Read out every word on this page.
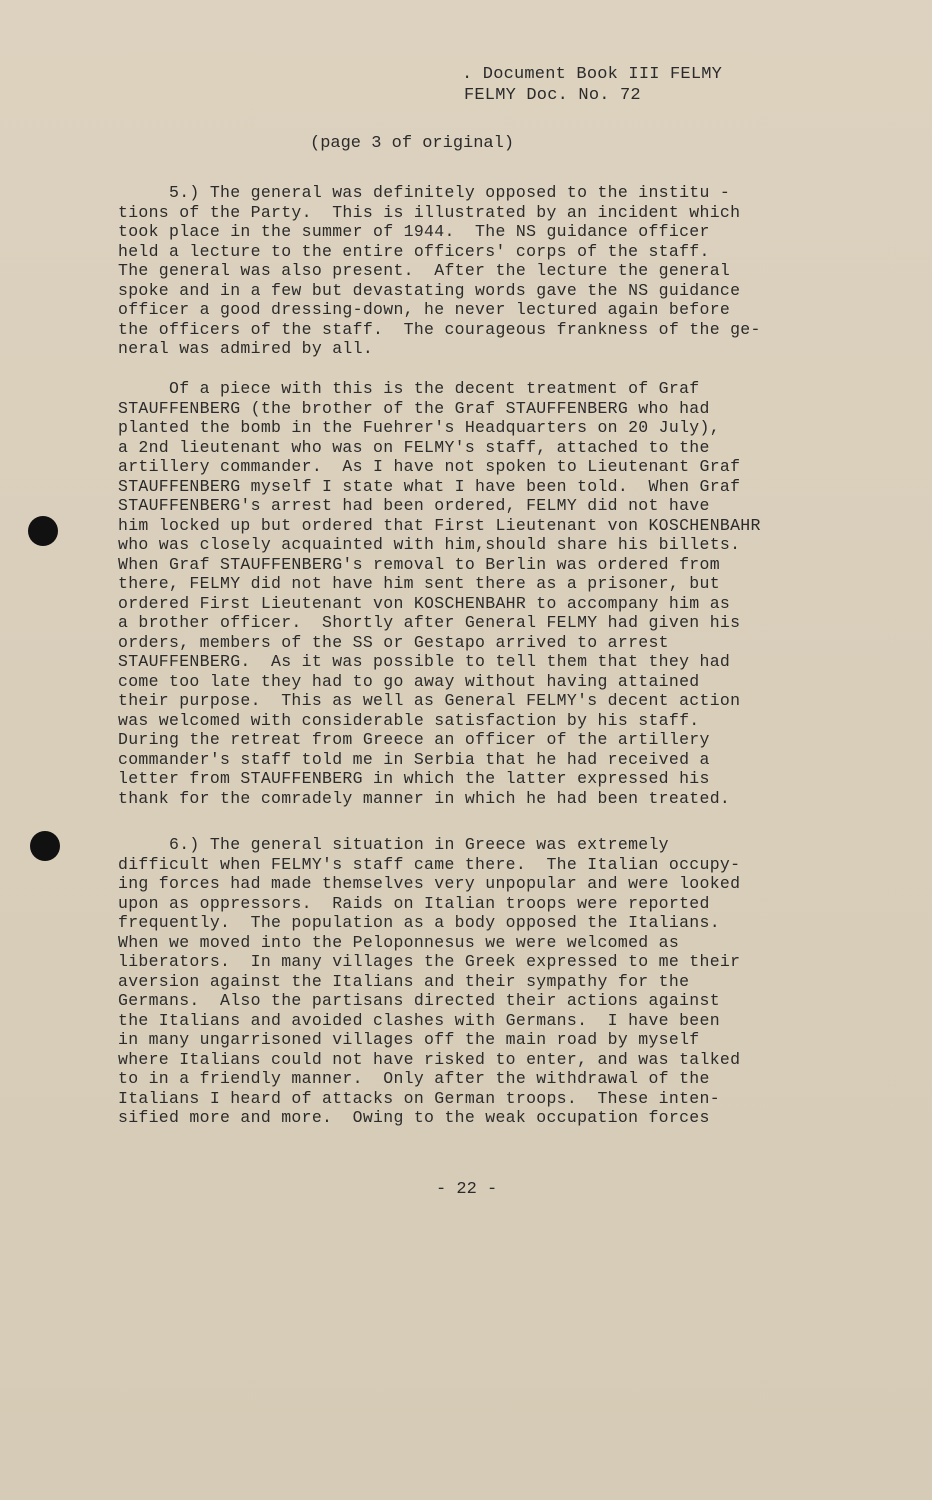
. Document Book III FELMY
FELMY Doc. No. 72
(page 3 of original)
5.) The general was definitely opposed to the institu -
tions of the Party.  This is illustrated by an incident which
took place in the summer of 1944.  The NS guidance officer
held a lecture to the entire officers' corps of the staff.
The general was also present.  After the lecture the general
spoke and in a few but devastating words gave the NS guidance
officer a good dressing-down, he never lectured again before
the officers of the staff.  The courageous frankness of the ge-
neral was admired by all.
Of a piece with this is the decent treatment of Graf
STAUFFENBERG (the brother of the Graf STAUFFENBERG who had
planted the bomb in the Fuehrer's Headquarters on 20 July),
a 2nd lieutenant who was on FELMY's staff, attached to the
artillery commander.  As I have not spoken to Lieutenant Graf
STAUFFENBERG myself I state what I have been told.  When Graf
STAUFFENBERG's arrest had been ordered, FELMY did not have
him locked up but ordered that First Lieutenant von KOSCHENBAHR
who was closely acquainted with him,should share his billets.
When Graf STAUFFENBERG's removal to Berlin was ordered from
there, FELMY did not have him sent there as a prisoner, but
ordered First Lieutenant von KOSCHENBAHR to accompany him as
a brother officer.  Shortly after General FELMY had given his
orders, members of the SS or Gestapo arrived to arrest
STAUFFENBERG.  As it was possible to tell them that they had
come too late they had to go away without having attained
their purpose.  This as well as General FELMY's decent action
was welcomed with considerable satisfaction by his staff.
During the retreat from Greece an officer of the artillery
commander's staff told me in Serbia that he had received a
letter from STAUFFENBERG in which the latter expressed his
thank for the comradely manner in which he had been treated.
6.) The general situation in Greece was extremely
difficult when FELMY's staff came there.  The Italian occupy-
ing forces had made themselves very unpopular and were looked
upon as oppressors.  Raids on Italian troops were reported
frequently.  The population as a body opposed the Italians.
When we moved into the Peloponnesus we were welcomed as
liberators.  In many villages the Greek expressed to me their
aversion against the Italians and their sympathy for the
Germans.  Also the partisans directed their actions against
the Italians and avoided clashes with Germans.  I have been
in many ungarrisoned villages off the main road by myself
where Italians could not have risked to enter, and was talked
to in a friendly manner.  Only after the withdrawal of the
Italians I heard of attacks on German troops.  These inten-
sified more and more.  Owing to the weak occupation forces
- 22 -
